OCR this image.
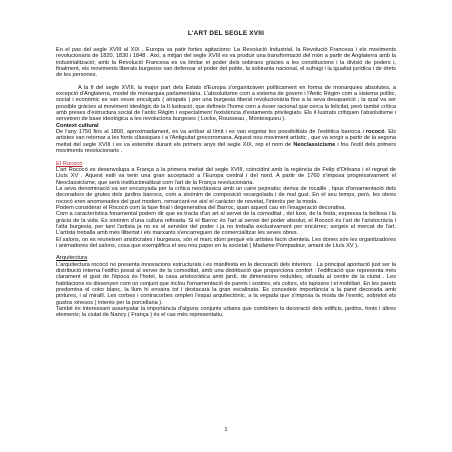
L'ART DEL SEGLE XVIII

En el pas del segle XVIII al XIX , Europa va patir fortes agitacions: La Revolució Industrial, la Revolució Francesa i els moviments revolucionaris de 1820, 1830 i 1848 . Així, a mitjan del segle XVIII es va produir una transformació del món a partir de Anglaterra amb la industrialització; amb la Revolució Francesa es va limitar el poder dels sobirans gràcies a les constitucions i la divisió de poders i, finalment, els moviments liberals burgesos van defensar el poder del poble, la sobirania nacional, el sufragi i la igualtat jurídica i de drets de les persones.

A la fi del segle XVIII, la major part dels Estats d'Europa s'organitzaven políticament en forma de monarquies absolutes, a excepció d'Anglaterra, model de monarquia parlamentària. L'absolutisme com a sistema de govern i l'Antic Règim com a sistema polític, social i econòmic es van veure enculçats ( atrapats ) per una burgesia liberal revolucionària fins a la seva desaparició ; la qual va ser possible gràcies al moviment ideològic de la Il·lustració, que defineix l'home com a ésser racional que cerca la felicitat, però també crítica amb preses d'estructura social de l'antic Règim i especialment l'existència d'estaments privilegiats. Els il·lustrats critiquen l'absolutisme i serveixen de base ideològica a les revolucions burgeses ( Locke, Rousseau , Montesquieu ).

Context cultural

De l'any 1750 fins al 1800, aproximadament, es va arribar al límit i es van esgotar les possibilitats de l'estètica barroca i rococó. Els artistes van retornar a les fonts clàssiques i a l'Antiguitat grecorromana. Aquest nou moviment artístic , que va sorgir a partir de la segona meitat del segle XVIII i es va estendre durant els primers anys del segle XIX, rep el nom de Neoclassicisme i fou l'estil dels primers moviments revolucionaris .

El Rococó

L'art Rococó es desenvolupa a França a la primera meitat del segle XVIII, coincidint amb la regència de Felip d'Orleans i el regnat de Lluís XV . Aquest estil va tenir una gran acceptació a l'Europa central i del nord. A partir de 1760 s'imposa progressivament el Neoclassicisme, que serà institucionalitzat com l'art de la França revolucionària.

La seva denominació va ser encunyada per la crítica neoclàssica amb un caire pejoratiu; deriva de rocaille , tipus d'ornamentació dels decoradors de grutes dels jardins barrocs, com a sinònim de composició recargolada i de mal gust. En el seu temps, però, les obres rococó eren anomenades del gust modern, remarcant-ne així el caràcter de novetat, l'interès per la moda.

Podem considerar el Rococó com la fase final i degenerativa del Barroc, quan aquest cau en l'exageració decorativa.

Com a característica fonamental podem dir que es tracta d'un art al servei de la comoditat , del luxe, de la festa; expressa la bellesa i la gràcia de la vida. Es sinònim d'una cultura refinada. Si el Barroc és l'art al servei del poder absolut, el Rococó és l'art de l'aristocràcia i l'alta burgesia, per tant l'artista ja no es el servidor del poder i ja no treballa exclusivament per encàrrec; sorgeix el mercat de l'art. L'artista treballa amb més llibertat i els marxants s'encarreguen de comercialitzar les seves obres.

El salons, on es reuneixen aristòcrates i burgesos, són el marc idoni perquè els artistes facin clientela. Les dones són les organitzadores i animadores del salons, cosa que exemplifica el seu nou paper en la societat ( Madame Pompadour, amant de Lluís XV ).

Arquitectura

L'arquitectura rococó no presenta innovacions estructurals i es manifesta en la decoració dels interiors . La principal aportació just ser la distribució interna l'edifici posat al servei de la comoditat, amb una distribució que proporciona confort : l'edificació que representa més clarament el gust de l'època és l'hotel, la casa aristocràtica amb jardí, de dimensions reduïdes, situada al centre de la ciutat . Les habitacions es dissenyen com un conjunt que inclou l'ornamentació de parets i sostres, els colors, els tapissos i el mobiliari. En les parets predomina el color blanc, la llum hi envaira tot i destacarà la gran escalinata. Es concedeix importància a la paret decorada amb pintures, i al miralll. Les corbes i contracorbes omplen l'espai arquitectònic, a la vegada que s'imposa la moda de l'exotic, sobretot els gustos xinesos ( interès per la porcellana ).

També és interessant assenyalar la importància d'alguns conjunts urbans que combinen la decoració dels edificis, jardins, fonts i altres elements; la ciutat de Nancy ( França ) és el cas més representatiu.

1
